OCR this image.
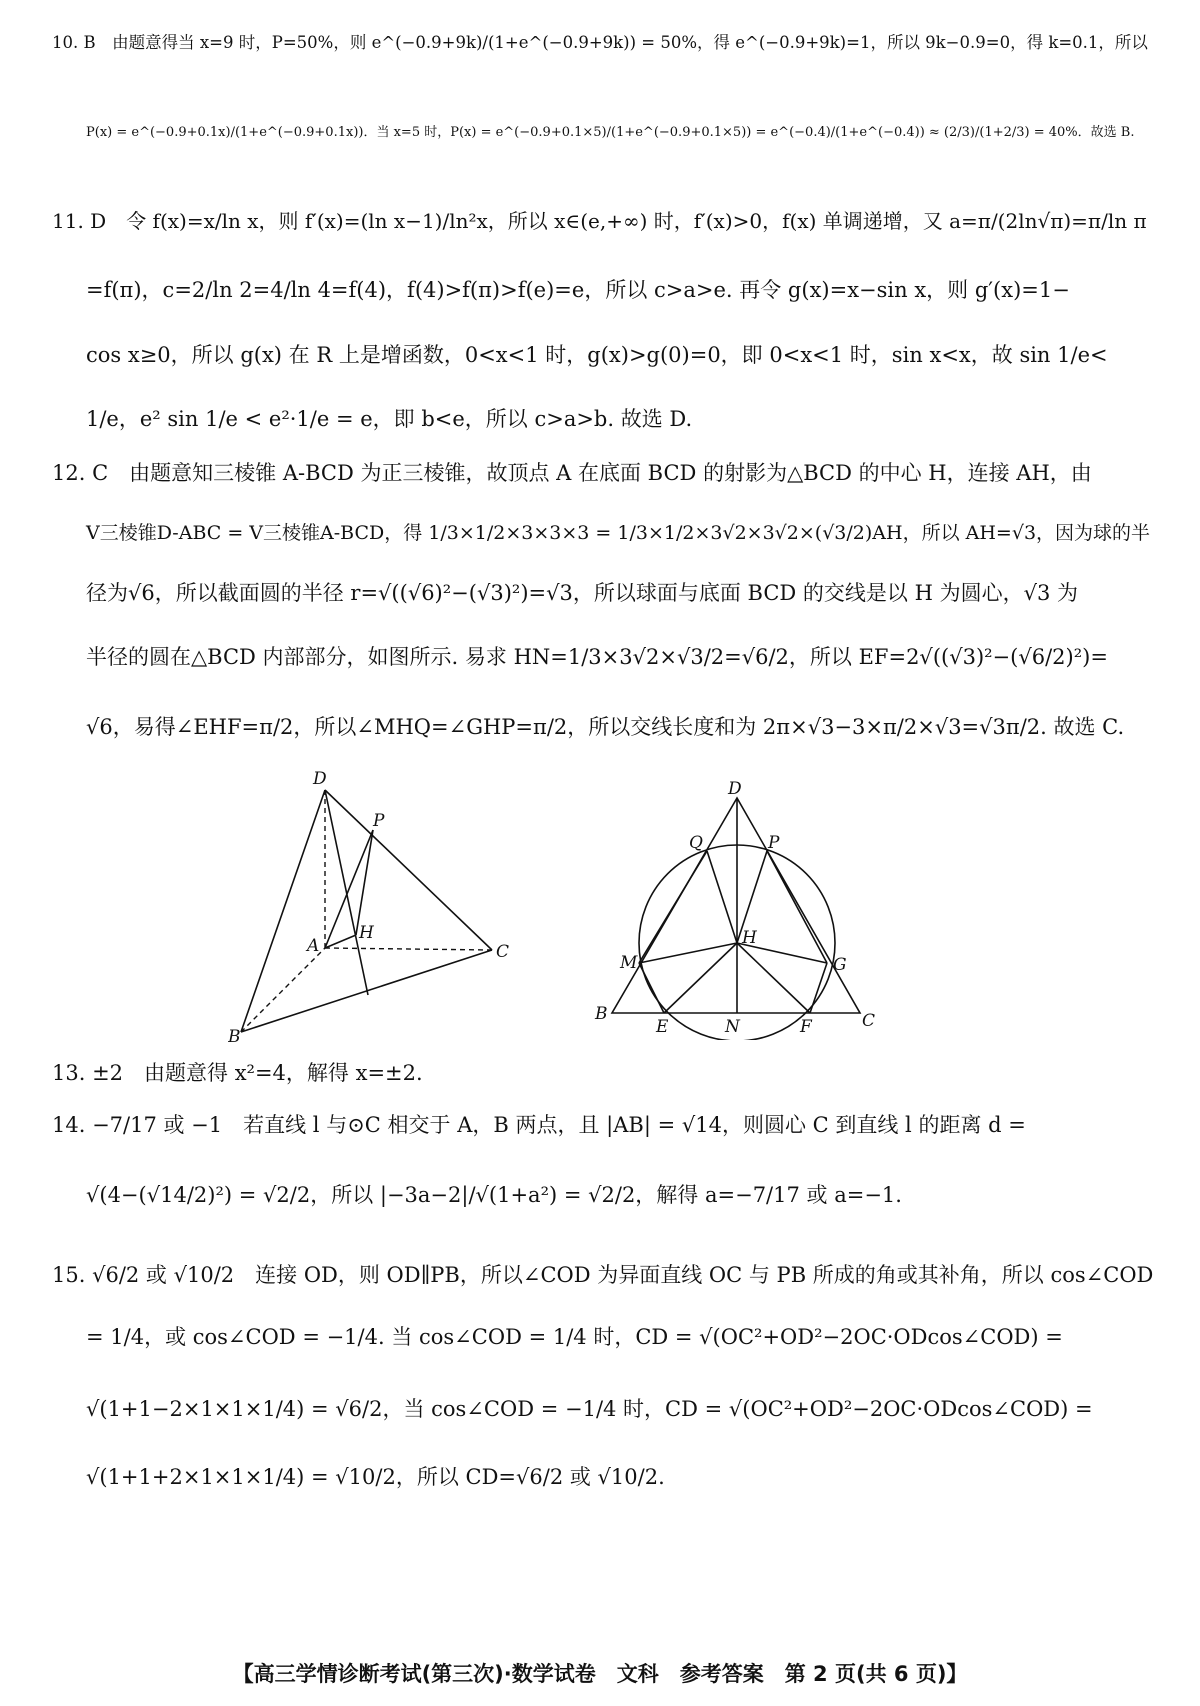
10. B　由题意得当 x=9 时，P=50%，则 e^(−0.9+9k)/(1+e^(−0.9+9k)) = 50%，得 e^(−0.9+9k)=1，所以 9k−0.9=0，得 k=0.1，所以
P(x) = e^(−0.9+0.1x)/(1+e^(−0.9+0.1x))．当 x=5 时，P(x) = e^(−0.9+0.1×5)/(1+e^(−0.9+0.1×5)) = e^(−0.4)/(1+e^(−0.4)) ≈ (2/3)/(1+2/3) = 40%．故选 B.
11. D　令 f(x)=x/ln x，则 f′(x)=(ln x−1)/ln²x，所以 x∈(e,+∞) 时，f′(x)>0，f(x) 单调递增，又 a=π/(2ln√π)=π/ln π
=f(π)，c=2/ln 2=4/ln 4=f(4)，f(4)>f(π)>f(e)=e，所以 c>a>e. 再令 g(x)=x−sin x，则 g′(x)=1−
cos x≥0，所以 g(x) 在 R 上是增函数，0<x<1 时，g(x)>g(0)=0，即 0<x<1 时，sin x<x，故 sin 1/e<
1/e，e² sin 1/e < e²·1/e = e，即 b<e，所以 c>a>b. 故选 D.
12. C　由题意知三棱锥 A-BCD 为正三棱锥，故顶点 A 在底面 BCD 的射影为△BCD 的中心 H，连接 AH，由
V三棱锥D-ABC = V三棱锥A-BCD，得 1/3×1/2×3×3×3 = 1/3×1/2×3√2×3√2×(√3/2)AH，所以 AH=√3，因为球的半
径为√6，所以截面圆的半径 r=√((√6)²−(√3)²)=√3，所以球面与底面 BCD 的交线是以 H 为圆心，√3 为
半径的圆在△BCD 内部部分，如图所示. 易求 HN=1/3×3√2×√3/2=√6/2，所以 EF=2√((√3)²−(√6/2)²)=
√6，易得∠EHF=π/2，所以∠MHQ=∠GHP=π/2，所以交线长度和为 2π×√3−3×π/2×√3=√3π/2. 故选 C.
D
P
H
A	C
B
D
Q	P
H
M	G
B
E	N	F	C
13. ±2　由题意得 x²=4，解得 x=±2.
14. −7/17 或 −1　若直线 l 与⊙C 相交于 A，B 两点，且 |AB| = √14，则圆心 C 到直线 l 的距离 d =
√(4−(√14/2)²) = √2/2，所以 |−3a−2|/√(1+a²) = √2/2，解得 a=−7/17 或 a=−1.
15. √6/2 或 √10/2　连接 OD，则 OD∥PB，所以∠COD 为异面直线 OC 与 PB 所成的角或其补角，所以 cos∠COD
= 1/4，或 cos∠COD = −1/4. 当 cos∠COD = 1/4 时，CD = √(OC²+OD²−2OC·ODcos∠COD) =
√(1+1−2×1×1×1/4) = √6/2，当 cos∠COD = −1/4 时，CD = √(OC²+OD²−2OC·ODcos∠COD) =
√(1+1+2×1×1×1/4) = √10/2，所以 CD=√6/2 或 √10/2.
【高三学情诊断考试(第三次)·数学试卷　文科　参考答案　第 2 页(共 6 页)】
